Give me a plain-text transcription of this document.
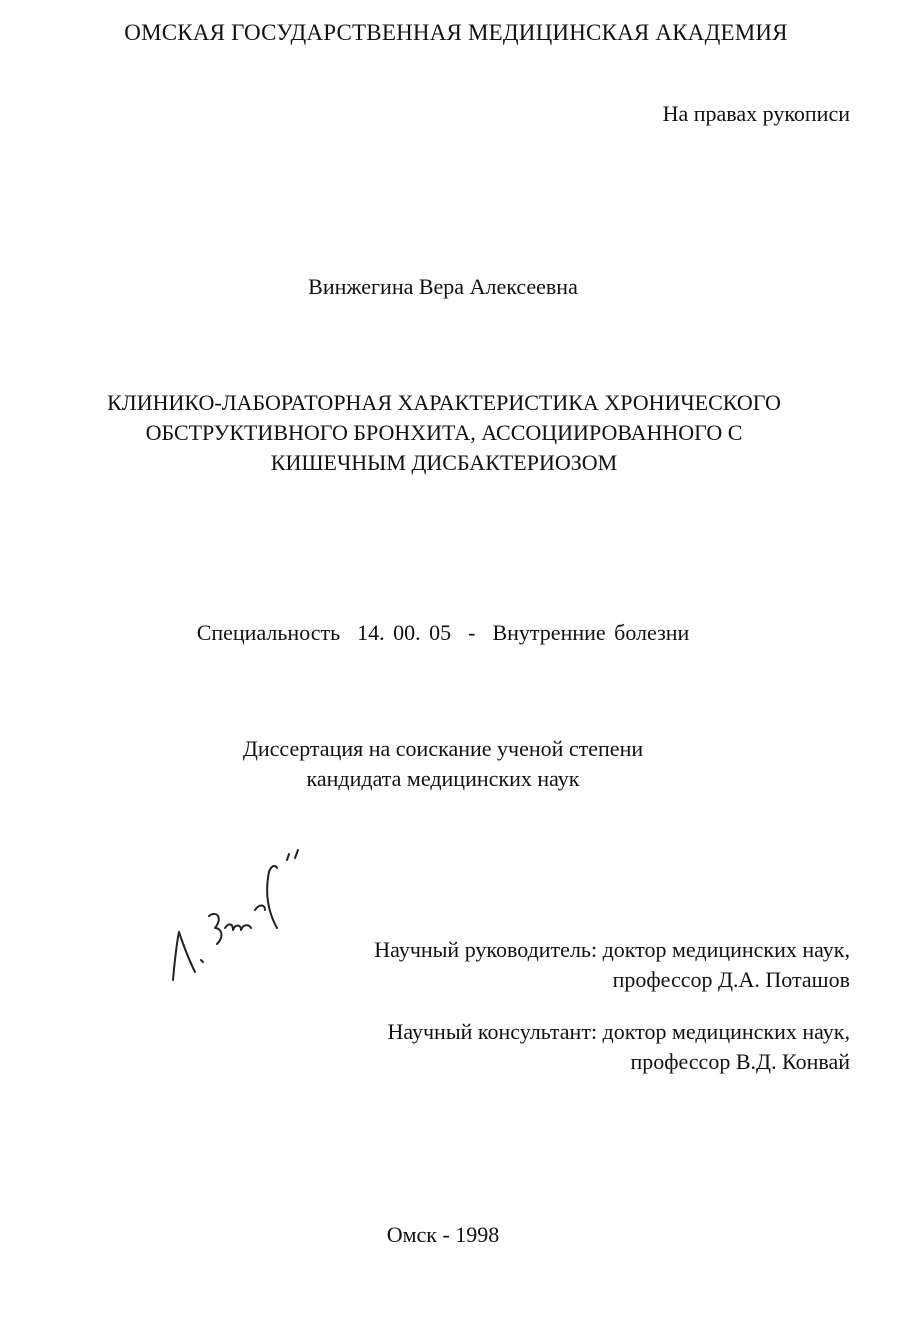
ОМСКАЯ ГОСУДАРСТВЕННАЯ МЕДИЦИНСКАЯ АКАДЕМИЯ
На правах рукописи
Винжегина Вера Алексеевна
КЛИНИКО-ЛАБОРАТОРНАЯ ХАРАКТЕРИСТИКА ХРОНИЧЕСКОГО
ОБСТРУКТИВНОГО БРОНХИТА, АССОЦИИРОВАННОГО С
КИШЕЧНЫМ ДИСБАКТЕРИОЗОМ
Специальность  14. 00. 05  -  Внутренние болезни
Диссертация на соискание ученой степени
кандидата медицинских наук
Научный руководитель: доктор медицинских наук,
профессор Д.А. Поташов
Научный консультант: доктор медицинских наук,
профессор В.Д. Конвай
Омск - 1998
